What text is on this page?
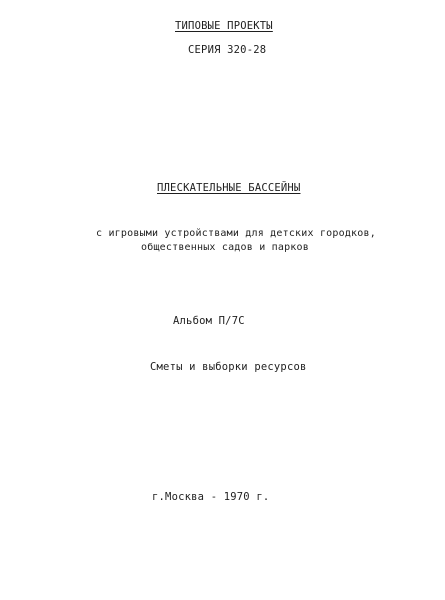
ТИПОВЫЕ ПРОЕКТЫ

СЕРИЯ 320-28

ПЛЕСКАТЕЛЬНЫЕ БАССЕЙНЫ

с игровыми устройствами для детских городков,

общественных садов и парков

Альбом П/7С

Сметы и выборки ресурсов

г.Москва - 1970 г.
